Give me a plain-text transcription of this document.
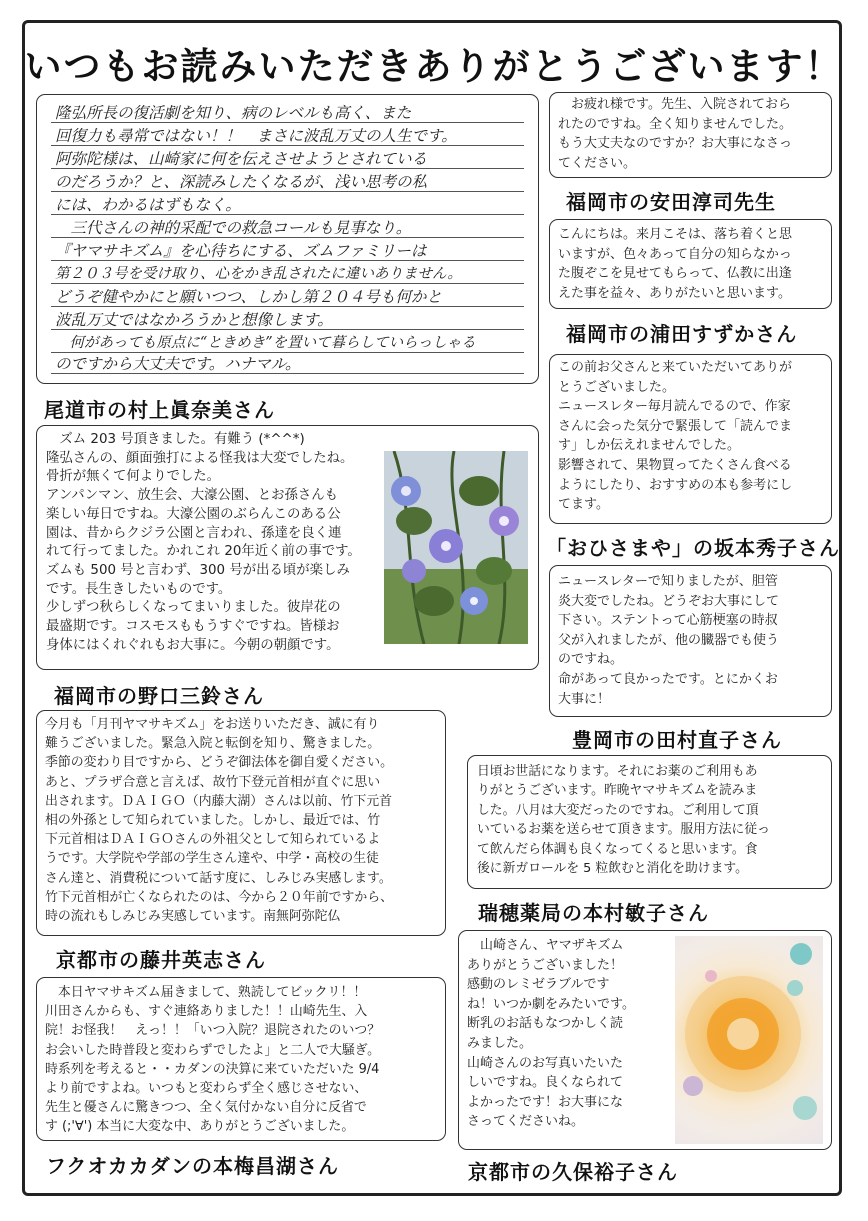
いつもお読みいただきありがとうございます！
隆弘所長の復活劇を知り、病のレベルも高く、また
回復力も尋常ではない！！　まさに波乱万丈の人生です。
阿弥陀様は、山崎家に何を伝えさせようとされている
のだろうか？と、深読みしたくなるが、浅い思考の私
には、わかるはずもなく。
　三代さんの神的采配での救急コールも見事なり。
『ヤマサキズム』を心待ちにする、ズムファミリーは
第２０３号を受け取り、心をかき乱されたに違いありません。
どうぞ健やかにと願いつつ、しかし第２０４号も何かと
波乱万丈ではなかろうかと想像します。
　何があっても原点に“ときめき”を置いて暮らしていらっしゃる
のですから大丈夫です。ハナマル。
尾道市の村上眞奈美さん
　ズム 203 号頂きました。有難う (*^^*)
隆弘さんの、顔面強打による怪我は大変でしたね。
骨折が無くて何よりでした。
アンパンマン、放生会、大濠公園、とお孫さんも
楽しい毎日ですね。大濠公園のぶらんこのある公
園は、昔からクジラ公園と言われ、孫達を良く連
れて行ってました。かれこれ 20年近く前の事です。
ズムも 500 号と言わず、300 号が出る頃が楽しみ
です。長生きしたいものです。
少しずつ秋らしくなってまいりました。彼岸花の
最盛期です。コスモスももうすぐですね。皆様お
身体にはくれぐれもお大事に。今朝の朝顔です。
福岡市の野口三鈴さん
今月も「月刊ヤマサキズム」をお送りいただき、誠に有り
難うございました。緊急入院と転倒を知り、驚きました。
季節の変わり目ですから、どうぞ御法体を御自愛ください。
あと、プラザ合意と言えば、故竹下登元首相が直ぐに思い
出されます。ＤＡＩＧＯ（内藤大湖）さんは以前、竹下元首
相の外孫として知られていました。しかし、最近では、竹
下元首相はＤＡＩＧＯさんの外祖父として知られているよ
うです。大学院や学部の学生さん達や、中学・高校の生徒
さん達と、消費税について話す度に、しみじみ実感します。
竹下元首相が亡くなられたのは、今から２０年前ですから、
時の流れもしみじみ実感しています。南無阿弥陀仏
京都市の藤井英志さん
　本日ヤマサキズム届きまして、熟読してビックリ！！
川田さんからも、すぐ連絡ありました！！山崎先生、入
院！お怪我！　えっ！！「いつ入院？退院されたのいつ？
お会いした時普段と変わらずでしたよ」と二人で大騒ぎ。
時系列を考えると・・カダンの決算に来ていただいた 9/4
より前ですよね。いつもと変わらず全く感じさせない、
先生と優さんに驚きつつ、全く気付かない自分に反省で
す (;'∀') 本当に大変な中、ありがとうございました。
フクオカカダンの本梅昌湖さん
　お疲れ様です。先生、入院されておら
れたのですね。全く知りませんでした。
もう大丈夫なのですか？お大事になさっ
てください。
福岡市の安田淳司先生
こんにちは。来月こそは、落ち着くと思
いますが、色々あって自分の知らなかっ
た腹ぞこを見せてもらって、仏教に出逢
えた事を益々、ありがたいと思います。
福岡市の浦田すずかさん
この前お父さんと来ていただいてありが
とうございました。
ニュースレター毎月読んでるので、作家
さんに会った気分で緊張して「読んでま
す」しか伝えれませんでした。
影響されて、果物買ってたくさん食べる
ようにしたり、おすすめの本も参考にし
てます。
「おひさまや」の坂本秀子さん
ニュースレターで知りましたが、胆管
炎大変でしたね。どうぞお大事にして
下さい。ステントって心筋梗塞の時叔
父が入れましたが、他の臓器でも使う
のですね。
命があって良かったです。とにかくお
大事に！
豊岡市の田村直子さん
日頃お世話になります。それにお薬のご利用もあ
りがとうございます。昨晩ヤマサキズムを読みま
した。八月は大変だったのですね。ご利用して頂
いているお薬を送らせて頂きます。服用方法に従っ
て飲んだら体調も良くなってくると思います。食
後に新ガロールを 5 粒飲むと消化を助けます。
瑞穂薬局の本村敏子さん
　山崎さん、ヤマザキズム
ありがとうございました！
感動のレミゼラブルです
ね！いつか劇をみたいです。
断乳のお話もなつかしく読
みました。
山崎さんのお写真いたいた
しいですね。良くなられて
よかったです！お大事にな
さってくださいね。
京都市の久保裕子さん
